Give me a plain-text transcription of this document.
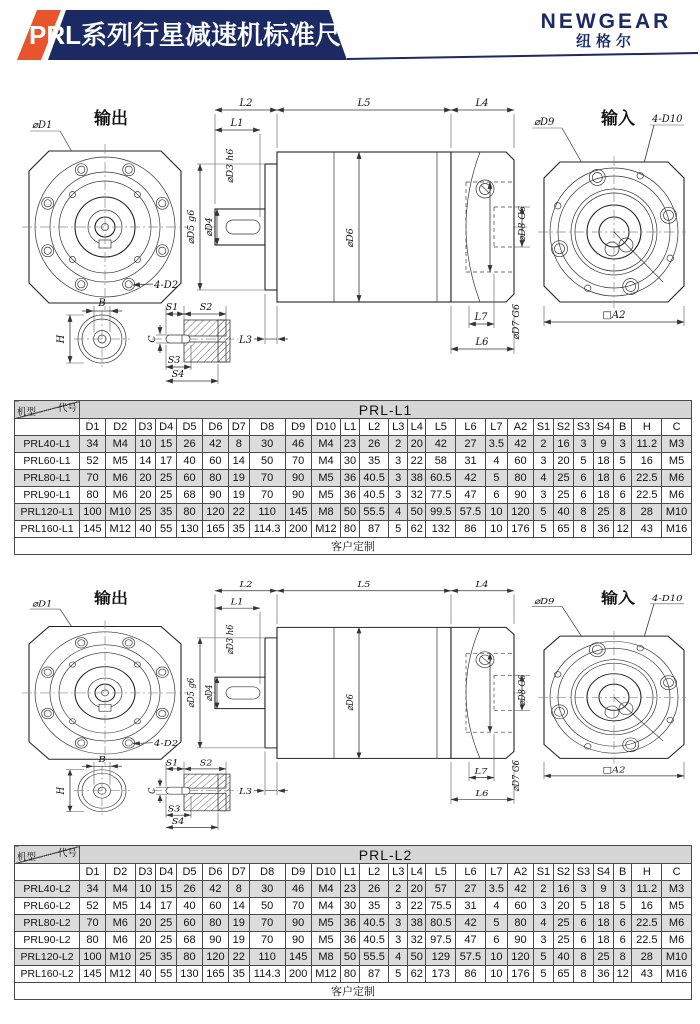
PRL系列行星减速机标准尺寸	NEWGEAR
纽格尔
输出
⌀D1
4-D2
L2	L5	L4
L1
⌀D3 h6
⌀D5 g6 ⌀D4
⌀D6	⌀D8 G6
⌀D7 G6
L3
L7
L6
输入
⌀D9	4-D10
□A2
B
H
S1 S2
C
S3
S4
代号
机型	PRL-L1																								
	D1	D2	D3	D4	D5	D6	D7	D8	D9	D10	L1	L2	L3	L4	L5	L6	L7	A2	S1	S2	S3	S4	B	H	C
PRL40-L1	34	M4	10	15	26	42	8	30	46	M4	23	26	2	20	42	27	3.5	42	2	16	3	9	3	11.2	M3
PRL60-L1	52	M5	14	17	40	60	14	50	70	M4	30	35	3	22	58	31	4	60	3	20	5	18	5	16	M5
PRL80-L1	70	M6	20	25	60	80	19	70	90	M5	36	40.5	3	38	60.5	42	5	80	4	25	6	18	6	22.5	M6
PRL90-L1	80	M6	20	25	68	90	19	70	90	M5	36	40.5	3	32	77.5	47	6	90	3	25	6	18	6	22.5	M6
PRL120-L1	100	M10	25	35	80	120	22	110	145	M8	50	55.5	4	50	99.5	57.5	10	120	5	40	8	25	8	28	M10
PRL160-L1	145	M12	40	55	130	165	35	114.3	200	M12	80	87	5	62	132	86	10	176	5	65	8	36	12	43	M16
客户定制																									
输出
⌀D1
4-D2
L2	L5	L4
L1
⌀D3 h6
⌀D5 g6 ⌀D4
⌀D6	⌀D8 G6
⌀D7 G6
L3
L7
L6
输入
⌀D9	4-D10
□A2
B
H
S1 S2
C
S3
S4
代号
机型	PRL-L2																								
	D1	D2	D3	D4	D5	D6	D7	D8	D9	D10	L1	L2	L3	L4	L5	L6	L7	A2	S1	S2	S3	S4	B	H	C
PRL40-L2	34	M4	10	15	26	42	8	30	46	M4	23	26	2	20	57	27	3.5	42	2	16	3	9	3	11.2	M3
PRL60-L2	52	M5	14	17	40	60	14	50	70	M4	30	35	3	22	75.5	31	4	60	3	20	5	18	5	16	M5
PRL80-L2	70	M6	20	25	60	80	19	70	90	M5	36	40.5	3	38	80.5	42	5	80	4	25	6	18	6	22.5	M6
PRL90-L2	80	M6	20	25	68	90	19	70	90	M5	36	40.5	3	32	97.5	47	6	90	3	25	6	18	6	22.5	M6
PRL120-L2	100	M10	25	35	80	120	22	110	145	M8	50	55.5	4	50	129	57.5	10	120	5	40	8	25	8	28	M10
PRL160-L2	145	M12	40	55	130	165	35	114.3	200	M12	80	87	5	62	173	86	10	176	5	65	8	36	12	43	M16
客户定制																									
